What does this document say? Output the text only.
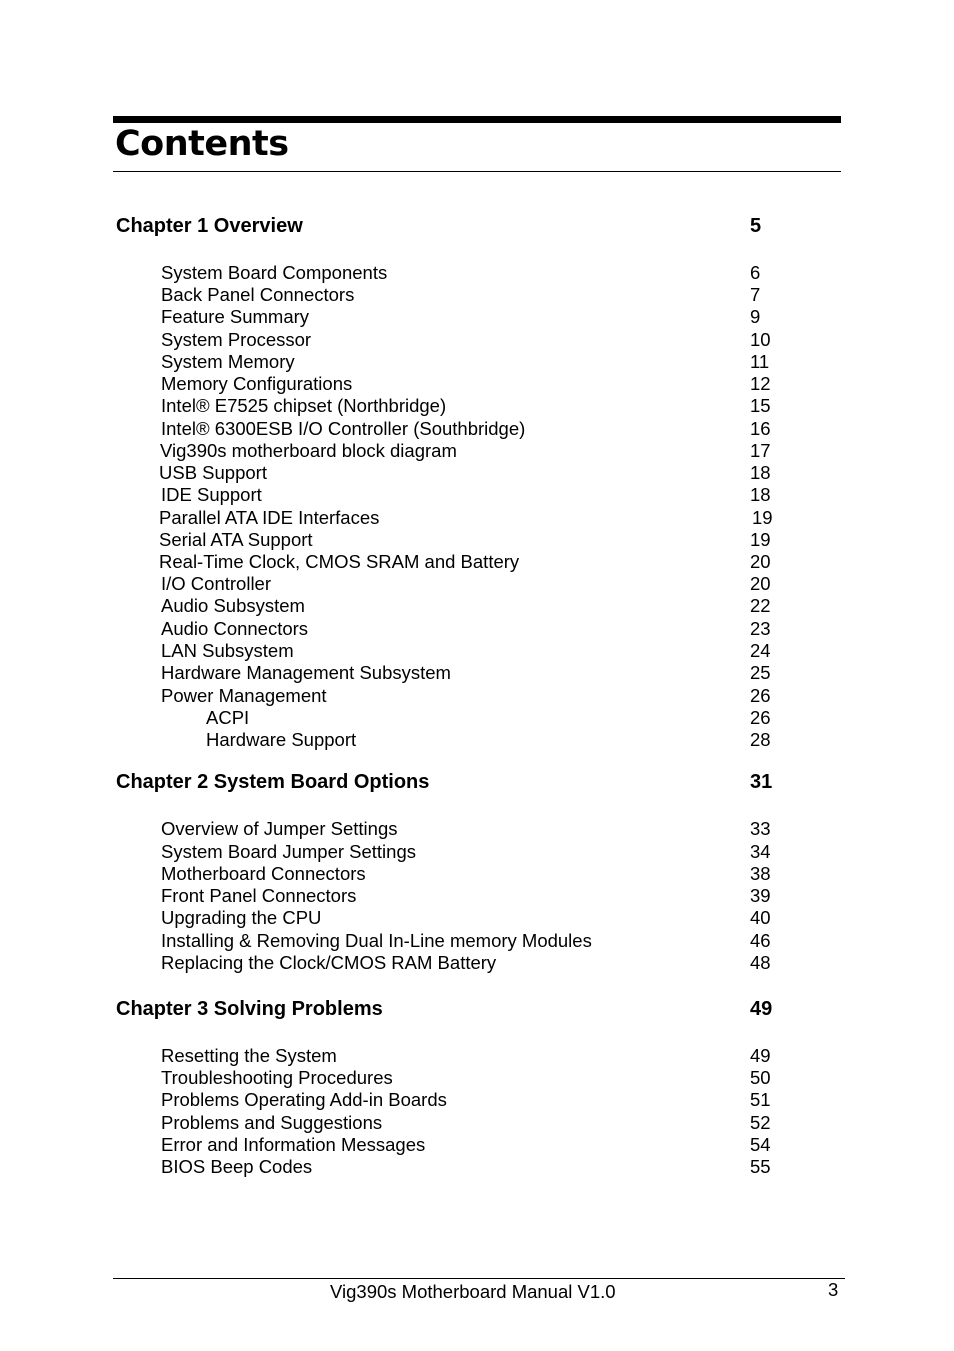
Contents
Chapter 1 Overview	5
System Board Components	6
Back Panel Connectors	7
Feature Summary	9
System Processor	10
System Memory	11
Memory Configurations	12
Intel® E7525 chipset (Northbridge)	15
Intel® 6300ESB I/O Controller (Southbridge)	16
Vig390s motherboard block diagram	17
USB Support	18
IDE Support	18
Parallel ATA IDE Interfaces	19
Serial ATA Support	19
Real-Time Clock, CMOS SRAM and Battery	20
I/O Controller	20
Audio Subsystem	22
Audio Connectors	23
LAN Subsystem	24
Hardware Management Subsystem	25
Power Management	26
ACPI	26
Hardware Support	28
Chapter 2 System Board Options	31
Overview of Jumper Settings	33
System Board Jumper Settings	34
Motherboard Connectors	38
Front Panel Connectors	39
Upgrading the CPU	40
Installing & Removing Dual In-Line memory Modules	46
Replacing the Clock/CMOS RAM Battery	48
Chapter 3 Solving Problems	49
Resetting the System	49
Troubleshooting Procedures	50
Problems Operating Add-in Boards	51
Problems and Suggestions	52
Error and Information Messages	54
BIOS Beep Codes	55
Vig390s Motherboard Manual V1.0	3
